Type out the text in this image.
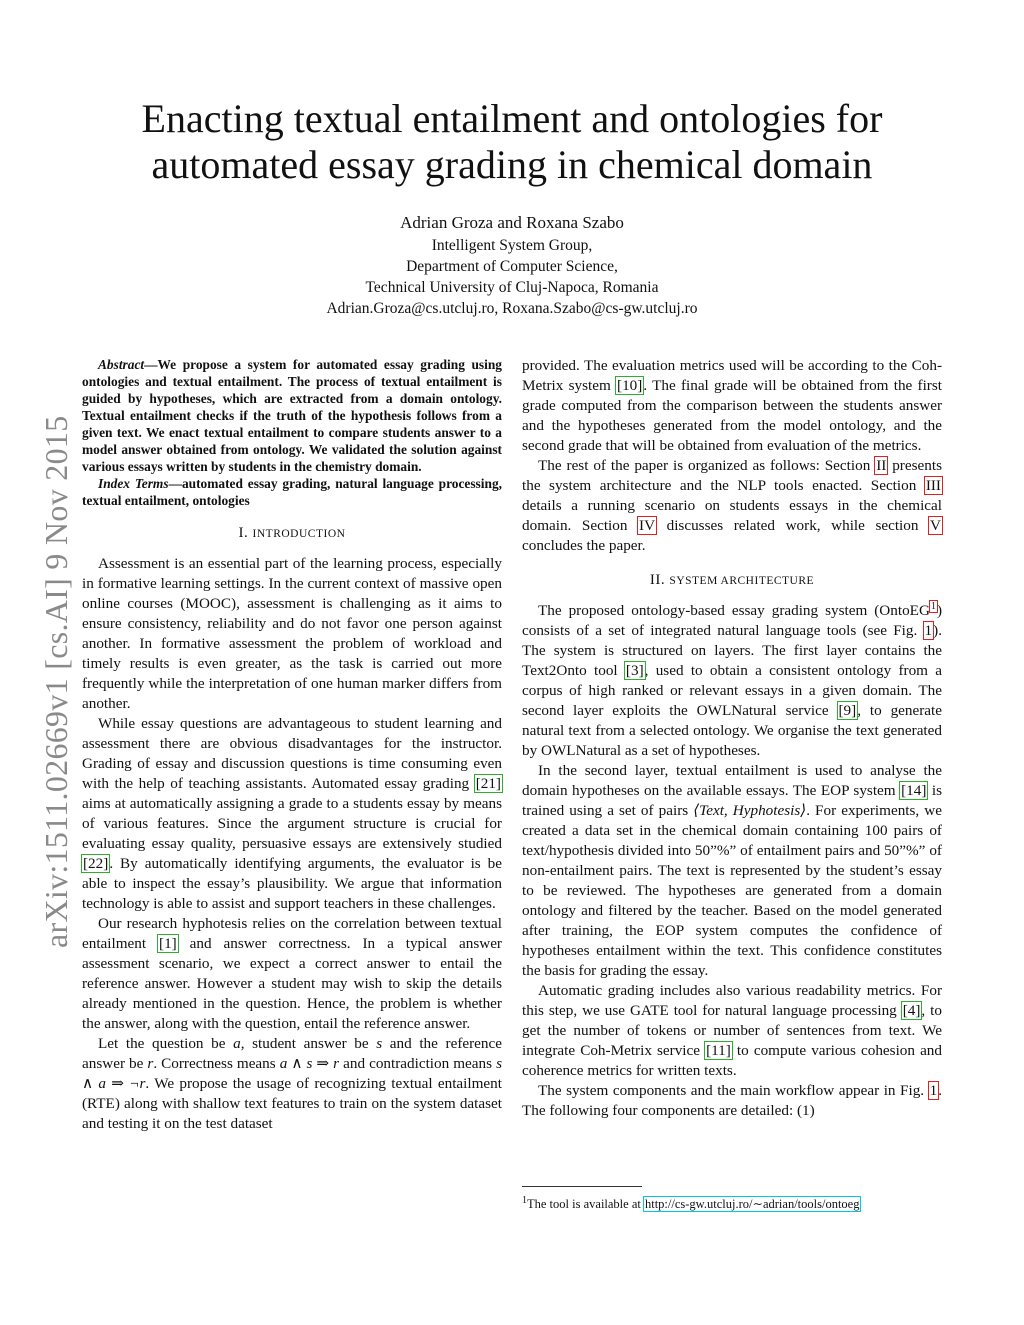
arXiv:1511.02669v1 [cs.AI] 9 Nov 2015
Enacting textual entailment and ontologies for
automated essay grading in chemical domain
Adrian Groza and Roxana Szabo
Intelligent System Group,
Department of Computer Science,
Technical University of Cluj-Napoca, Romania
Adrian.Groza@cs.utcluj.ro, Roxana.Szabo@cs-gw.utcluj.ro

Abstract—We propose a system for automated essay grading using ontologies and textual entailment. The process of textual entailment is guided by hypotheses, which are extracted from a domain ontology. Textual entailment checks if the truth of the hypothesis follows from a given text. We enact textual entailment to compare students answer to a model answer obtained from ontology. We validated the solution against various essays written by students in the chemistry domain.

Index Terms—automated essay grading, natural language processing, textual entailment, ontologies

I. INTRODUCTION

Assessment is an essential part of the learning process, especially in formative learning settings. In the current context of massive open online courses (MOOC), assessment is challenging as it aims to ensure consistency, reliability and do not favor one person against another. In formative assessment the problem of workload and timely results is even greater, as the task is carried out more frequently while the interpretation of one human marker differs from another.

While essay questions are advantageous to student learning and assessment there are obvious disadvantages for the instructor. Grading of essay and discussion questions is time consuming even with the help of teaching assistants. Automated essay grading [21] aims at automatically assigning a grade to a students essay by means of various features. Since the argument structure is crucial for evaluating essay quality, persuasive essays are extensively studied [22]. By automatically identifying arguments, the evaluator is be able to inspect the essay’s plausibility. We argue that information technology is able to assist and support teachers in these challenges.

Our research hyphotesis relies on the correlation between textual entailment [1] and answer correctness. In a typical answer assessment scenario, we expect a correct answer to entail the reference answer. However a student may wish to skip the details already mentioned in the question. Hence, the problem is whether the answer, along with the question, entail the reference answer.

Let the question be a, student answer be s and the reference answer be r. Correctness means a ∧ s ⇒ r and contradiction means s ∧ a ⇒ ¬r. We propose the usage of recognizing textual entailment (RTE) along with shallow text features to train on the system dataset and testing it on the test dataset

provided. The evaluation metrics used will be according to the Coh-Metrix system [10]. The final grade will be obtained from the first grade computed from the comparison between the students answer and the hypotheses generated from the model ontology, and the second grade that will be obtained from evaluation of the metrics.

The rest of the paper is organized as follows: Section II presents the system architecture and the NLP tools enacted. Section III details a running scenario on students essays in the chemical domain. Section IV discusses related work, while section V concludes the paper.

II. SYSTEM ARCHITECTURE

The proposed ontology-based essay grading system (OntoEG$^1$) consists of a set of integrated natural language tools (see Fig. 1). The system is structured on layers. The first layer contains the Text2Onto tool [3], used to obtain a consistent ontology from a corpus of high ranked or relevant essays in a given domain. The second layer exploits the OWLNatural service [9], to generate natural text from a selected ontology. We organise the text generated by OWLNatural as a set of hypotheses.

In the second layer, textual entailment is used to analyse the domain hypotheses on the available essays. The EOP system [14] is trained using a set of pairs ⟨Text, Hyphotesis⟩. For experiments, we created a data set in the chemical domain containing 100 pairs of text/hypothesis divided into 50”%” of entailment pairs and 50”%” of non-entailment pairs. The text is represented by the student’s essay to be reviewed. The hypotheses are generated from a domain ontology and filtered by the teacher. Based on the model generated after training, the EOP system computes the confidence of hypotheses entailment within the text. This confidence constitutes the basis for grading the essay.

Automatic grading includes also various readability metrics. For this step, we use GATE tool for natural language processing [4], to get the number of tokens or number of sentences from text. We integrate Coh-Metrix service [11] to compute various cohesion and coherence metrics for written texts.

The system components and the main workflow appear in Fig. 1. The following four components are detailed: (1)

$^1$The tool is available at http://cs-gw.utcluj.ro/∼adrian/tools/ontoeg
